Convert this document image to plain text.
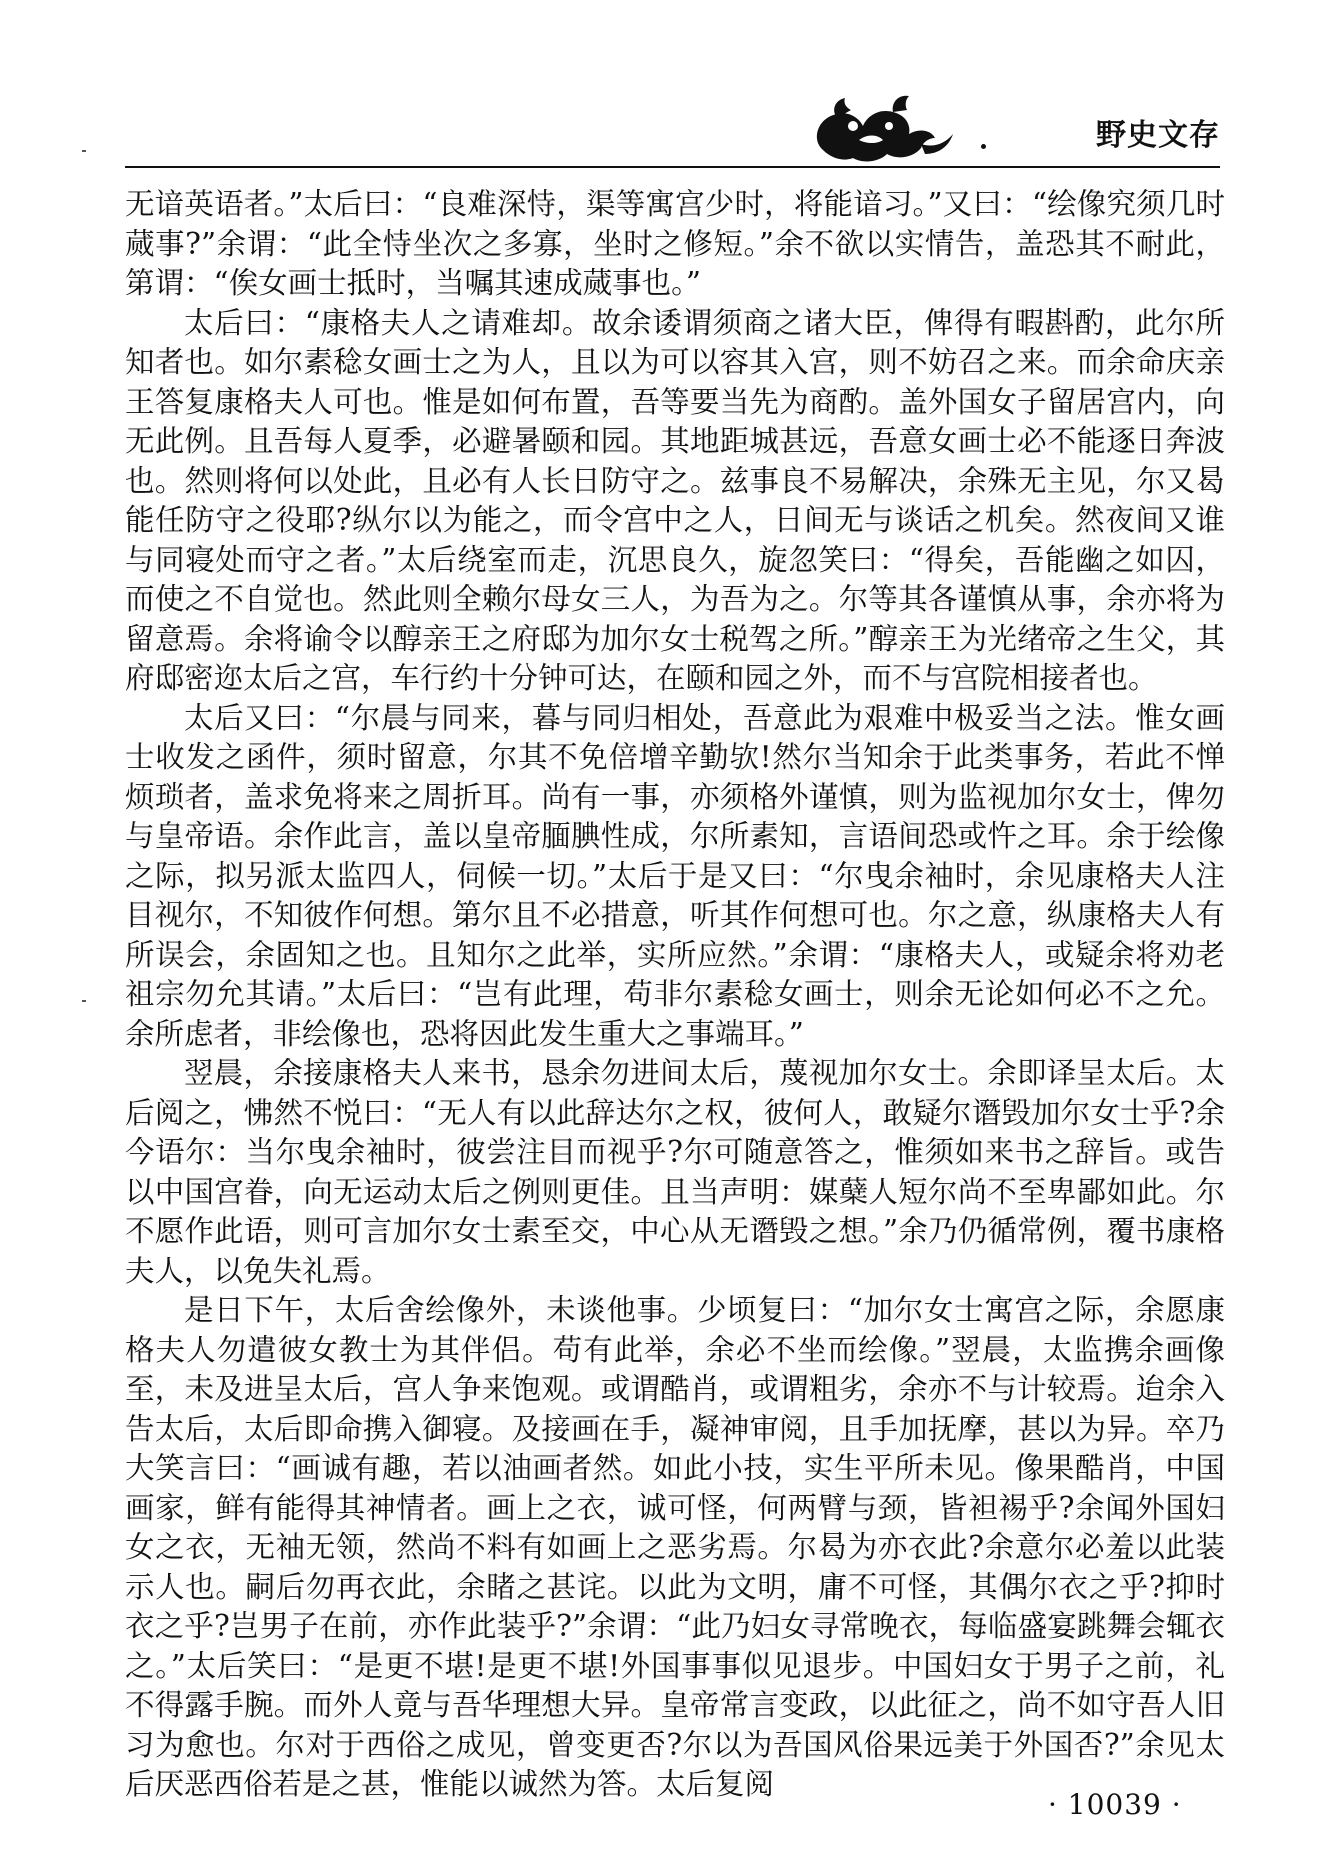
野史文存

无谙英语者。”太后曰：“良难深恃，渠等寓宫少时，将能谙习。”又曰：“绘像究须几时蒇事?”余谓：“此全恃坐次之多寡，坐时之修短。”余不欲以实情告，盖恐其不耐此，第谓：“俟女画士抵时，当嘱其速成蒇事也。”

太后曰：“康格夫人之请难却。故余诿谓须商之诸大臣，俾得有暇斟酌，此尔所知者也。如尔素稔女画士之为人，且以为可以容其入宫，则不妨召之来。而余命庆亲王答复康格夫人可也。惟是如何布置，吾等要当先为商酌。盖外国女子留居宫内，向无此例。且吾每人夏季，必避暑颐和园。其地距城甚远，吾意女画士必不能逐日奔波也。然则将何以处此，且必有人长日防守之。兹事良不易解决，余殊无主见，尔又曷能任防守之役耶?纵尔以为能之，而令宫中之人，日间无与谈话之机矣。然夜间又谁与同寝处而守之者。”太后绕室而走，沉思良久，旋忽笑曰：“得矣，吾能幽之如囚，而使之不自觉也。然此则全赖尔母女三人，为吾为之。尔等其各谨慎从事，余亦将为留意焉。余将谕令以醇亲王之府邸为加尔女士税驾之所。”醇亲王为光绪帝之生父，其府邸密迩太后之宫，车行约十分钟可达，在颐和园之外，而不与宫院相接者也。

太后又曰：“尔晨与同来，暮与同归相处，吾意此为艰难中极妥当之法。惟女画士收发之函件，须时留意，尔其不免倍增辛勤欤!然尔当知余于此类事务，若此不惮烦琐者，盖求免将来之周折耳。尚有一事，亦须格外谨慎，则为监视加尔女士，俾勿与皇帝语。余作此言，盖以皇帝腼腆性成，尔所素知，言语间恐或忤之耳。余于绘像之际，拟另派太监四人，伺候一切。”太后于是又曰：“尔曳余袖时，余见康格夫人注目视尔，不知彼作何想。第尔且不必措意，听其作何想可也。尔之意，纵康格夫人有所误会，余固知之也。且知尔之此举，实所应然。”余谓：“康格夫人，或疑余将劝老祖宗勿允其请。”太后曰：“岂有此理，苟非尔素稔女画士，则余无论如何必不之允。余所虑者，非绘像也，恐将因此发生重大之事端耳。”

翌晨，余接康格夫人来书，恳余勿进间太后，蔑视加尔女士。余即译呈太后。太后阅之，怫然不悦曰：“无人有以此辞达尔之权，彼何人，敢疑尔谮毁加尔女士乎?余今语尔：当尔曳余袖时，彼尝注目而视乎?尔可随意答之，惟须如来书之辞旨。或告以中国宫眷，向无运动太后之例则更佳。且当声明：媒蘖人短尔尚不至卑鄙如此。尔不愿作此语，则可言加尔女士素至交，中心从无谮毁之想。”余乃仍循常例，覆书康格夫人，以免失礼焉。

是日下午，太后舍绘像外，未谈他事。少顷复曰：“加尔女士寓宫之际，余愿康格夫人勿遣彼女教士为其伴侣。苟有此举，余必不坐而绘像。”翌晨，太监携余画像至，未及进呈太后，宫人争来饱观。或谓酷肖，或谓粗劣，余亦不与计较焉。迨余入告太后，太后即命携入御寝。及接画在手，凝神审阅，且手加抚摩，甚以为异。卒乃大笑言曰：“画诚有趣，若以油画者然。如此小技，实生平所未见。像果酷肖，中国画家，鲜有能得其神情者。画上之衣，诚可怪，何两臂与颈，皆袒裼乎?余闻外国妇女之衣，无袖无领，然尚不料有如画上之恶劣焉。尔曷为亦衣此?余意尔必羞以此装示人也。嗣后勿再衣此，余睹之甚诧。以此为文明，庸不可怪，其偶尔衣之乎?抑时衣之乎?岂男子在前，亦作此装乎?”余谓：“此乃妇女寻常晚衣，每临盛宴跳舞会辄衣之。”太后笑曰：“是更不堪!是更不堪!外国事事似见退步。中国妇女于男子之前，礼不得露手腕。而外人竟与吾华理想大异。皇帝常言变政，以此征之，尚不如守吾人旧习为愈也。尔对于西俗之成见，曾变更否?尔以为吾国风俗果远美于外国否?”余见太后厌恶西俗若是之甚，惟能以诚然为答。太后复阅

· 10039 ·
